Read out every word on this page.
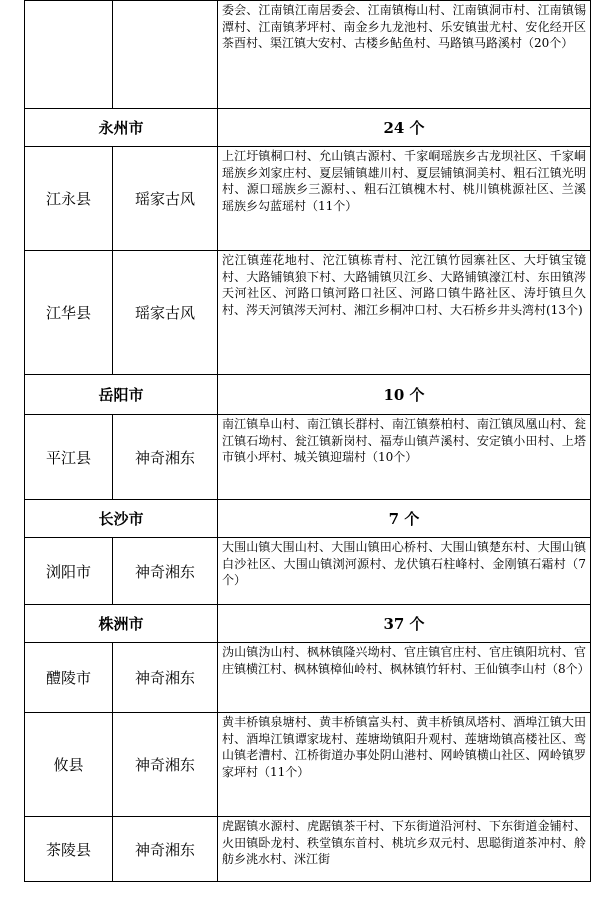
		委会、江南镇江南居委会、江南镇梅山村、江南镇洞市村、江南镇锡潭村、江南镇茅坪村、南金乡九龙池村、乐安镇蚩尤村、安化经开区茶酉村、渠江镇大安村、古楼乡鲇鱼村、马路镇马路溪村（20个）
永州市		24 个
江永县	瑶家古风	上江圩镇桐口村、允山镇古源村、千家峒瑶族乡古龙坝社区、千家峒瑶族乡刘家庄村、夏层铺镇雄川村、夏层铺镇洞美村、粗石江镇光明村、源口瑶族乡三源村、、粗石江镇槐木村、桃川镇桃源社区、兰溪瑶族乡勾蓝瑶村（11个）
江华县	瑶家古风	沱江镇莲花地村、沱江镇栋青村、沱江镇竹园寨社区、大圩镇宝镜村、大路铺镇狼下村、大路铺镇贝江乡、大路铺镇濠江村、东田镇涔天河社区、河路口镇河路口社区、河路口镇牛路社区、涛圩镇旦久村、涔天河镇涔天河村、湘江乡桐冲口村、大石桥乡井头湾村(13个)
岳阳市		10 个
平江县	神奇湘东	南江镇阜山村、南江镇长群村、南江镇蔡柏村、南江镇凤凰山村、瓮江镇石坳村、瓮江镇新岗村、福寿山镇芦溪村、安定镇小田村、上塔市镇小坪村、城关镇迎瑞村（10个）
长沙市		7 个
浏阳市	神奇湘东	大围山镇大围山村、大围山镇田心桥村、大围山镇楚东村、大围山镇白沙社区、大围山镇浏河源村、龙伏镇石柱峰村、金刚镇石霜村（7个）
株洲市		37 个
醴陵市	神奇湘东	沩山镇沩山村、枫林镇隆兴坳村、官庄镇官庄村、官庄镇阳坑村、官庄镇横江村、枫林镇樟仙岭村、枫林镇竹轩村、王仙镇李山村（8个）
攸县	神奇湘东	黄丰桥镇泉塘村、黄丰桥镇富头村、黄丰桥镇凤塔村、酒埠江镇大田村、酒埠江镇谭家垅村、莲塘坳镇阳升观村、莲塘坳镇高楼社区、鸾山镇老漕村、江桥街道办事处阴山港村、网岭镇横山社区、网岭镇罗家坪村（11个）
茶陵县	神奇湘东	虎踞镇水源村、虎踞镇茶干村、下东街道沿河村、下东街道金铺村、火田镇卧龙村、秩堂镇东首村、桃坑乡双元村、思聪街道茶冲村、舲舫乡洮水村、洣江街
